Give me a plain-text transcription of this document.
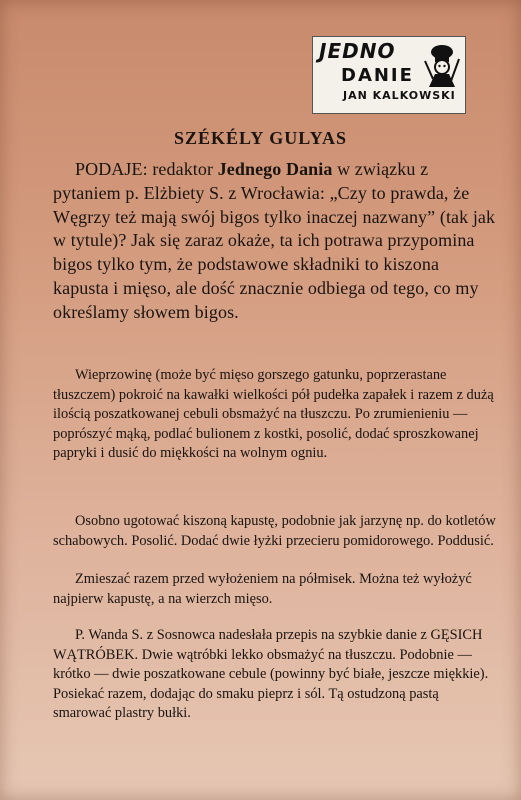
JEDNO
DANIE
JAN KALKOWSKI
SZÉKÉLY GULYAS

PODAJE: redaktor Jednego Dania w związku z pytaniem p. Elżbiety S. z Wrocławia: „Czy to prawda, że Węgrzy też mają swój bigos tylko inaczej nazwany” (tak jak w tytule)? Jak się zaraz okaże, ta ich potrawa przypomina bigos tylko tym, że podstawowe składniki to kiszona kapusta i mięso, ale dość znacznie odbiega od tego, co my określamy słowem bigos.

Wieprzowinę (może być mięso gorszego gatunku, poprzerastane tłuszczem) pokroić na kawałki wielkości pół pudełka zapałek i razem z dużą ilością poszatkowanej cebuli obsmażyć na tłuszczu. Po zrumienieniu — poprószyć mąką, podlać bulionem z kostki, posolić, dodać sproszkowanej papryki i dusić do miękkości na wolnym ogniu.

Osobno ugotować kiszoną kapustę, podobnie jak jarzynę np. do kotletów schabowych. Posolić. Dodać dwie łyżki przecieru pomidorowego. Poddusić.

Zmieszać razem przed wyłożeniem na półmisek. Można też wyłożyć najpierw kapustę, a na wierzch mięso.

P. Wanda S. z Sosnowca nadesłała przepis na szybkie danie z GĘSICH WĄTRÓBEK. Dwie wątróbki lekko obsmażyć na tłuszczu. Podobnie — krótko — dwie poszatkowane cebule (powinny być białe, jeszcze miękkie). Posiekać razem, dodając do smaku pieprz i sól. Tą ostudzoną pastą smarować plastry bułki.
